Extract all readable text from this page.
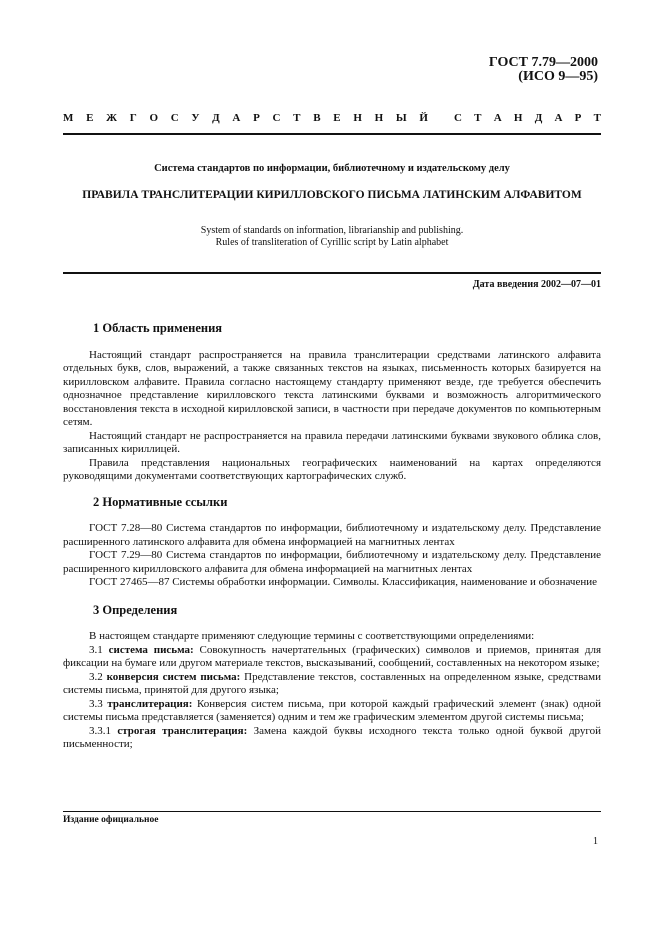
ГОСТ 7.79—2000
(ИСО 9—95)
М Е Ж Г О С У Д А Р С Т В Е Н Н Ы Й С Т А Н Д А Р Т
Система стандартов по информации, библиотечному и издательскому делу
ПРАВИЛА ТРАНСЛИТЕРАЦИИ КИРИЛЛОВСКОГО ПИСЬМА ЛАТИНСКИМ АЛФАВИТОМ
System of standards on information, librarianship and publishing.
Rules of transliteration of Cyrillic script by Latin alphabet
Дата введения 2002—07—01
1 Область применения

Настоящий стандарт распространяется на правила транслитерации средствами латинского алфавита отдельных букв, слов, выражений, а также связанных текстов на языках, письменность которых базируется на кирилловском алфавите. Правила согласно настоящему стандарту применяют везде, где требуется обеспечить однозначное представление кирилловского текста латинскими буквами и возможность алгоритмического восстановления текста в исходной кирилловской записи, в частности при передаче документов по компьютерным сетям.

Настоящий стандарт не распространяется на правила передачи латинскими буквами звукового облика слов, записанных кириллицей.

Правила представления национальных географических наименований на картах определяются руководящими документами соответствующих картографических служб.

2 Нормативные ссылки

ГОСТ 7.28—80 Система стандартов по информации, библиотечному и издательскому делу. Представление расширенного латинского алфавита для обмена информацией на магнитных лентах

ГОСТ 7.29—80 Система стандартов по информации, библиотечному и издательскому делу. Представление расширенного кирилловского алфавита для обмена информацией на магнитных лентах

ГОСТ 27465—87 Системы обработки информации. Символы. Классификация, наименование и обозначение

3 Определения

В настоящем стандарте применяют следующие термины с соответствующими определениями:

3.1 система письма: Совокупность начертательных (графических) символов и приемов, принятая для фиксации на бумаге или другом материале текстов, высказываний, сообщений, составленных на некотором языке;

3.2 конверсия систем письма: Представление текстов, составленных на определенном языке, средствами системы письма, принятой для другого языка;

3.3 транслитерация: Конверсия систем письма, при которой каждый графический элемент (знак) одной системы письма представляется (заменяется) одним и тем же графическим элементом другой системы письма;

3.3.1 строгая транслитерация: Замена каждой буквы исходного текста только одной буквой другой письменности;

Издание официальное
1
